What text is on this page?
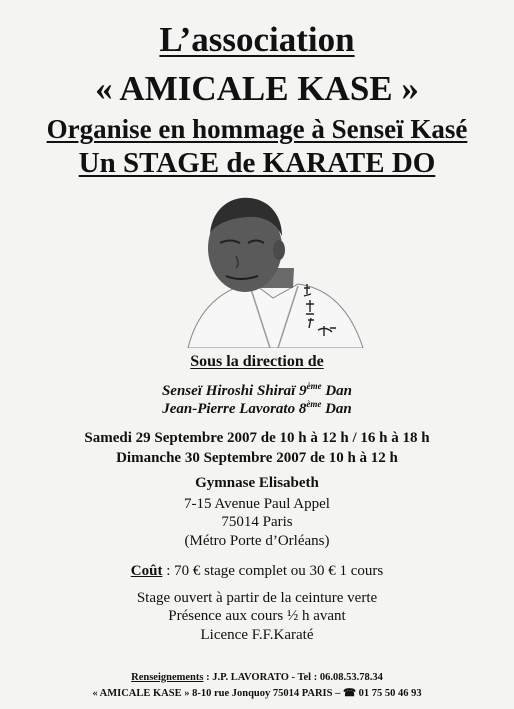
L’association
« AMICALE KASE »
Organise en hommage à Senseï Kasé
Un STAGE de KARATE DO
Sous la direction de
Senseï Hiroshi Shiraï 9ème Dan
Jean-Pierre Lavorato 8ème Dan
Samedi 29 Septembre 2007 de 10 h à 12 h / 16 h à 18 h
Dimanche 30 Septembre 2007 de 10 h à 12 h
Gymnase Elisabeth
7-15 Avenue Paul Appel
75014 Paris
(Métro Porte d’Orléans)
Coût : 70 € stage complet ou 30 € 1 cours
Stage ouvert à partir de la ceinture verte
Présence aux cours ½ h avant
Licence F.F.Karaté
Renseignements : J.P. LAVORATO - Tel : 06.08.53.78.34
« AMICALE KASE » 8-10 rue Jonquoy 75014 PARIS – ☎ 01 75 50 46 93
